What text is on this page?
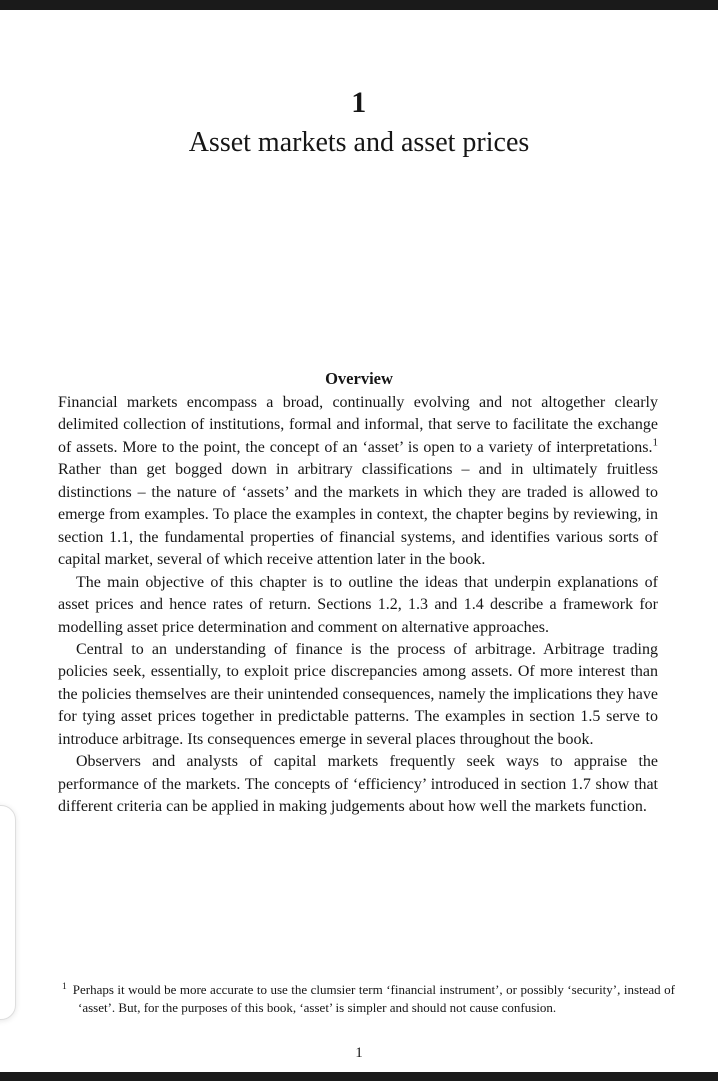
1
Asset markets and asset prices
Overview

Financial markets encompass a broad, continually evolving and not altogether clearly delimited collection of institutions, formal and informal, that serve to facilitate the exchange of assets. More to the point, the concept of an ‘asset’ is open to a variety of interpretations.$^1$ Rather than get bogged down in arbitrary classifications – and in ultimately fruitless distinctions – the nature of ‘assets’ and the markets in which they are traded is allowed to emerge from examples. To place the examples in context, the chapter begins by reviewing, in section 1.1, the fundamental properties of financial systems, and identifies various sorts of capital market, several of which receive attention later in the book.

The main objective of this chapter is to outline the ideas that underpin explanations of asset prices and hence rates of return. Sections 1.2, 1.3 and 1.4 describe a framework for modelling asset price determination and comment on alternative approaches.

Central to an understanding of finance is the process of arbitrage. Arbitrage trading policies seek, essentially, to exploit price discrepancies among assets. Of more interest than the policies themselves are their unintended consequences, namely the implications they have for tying asset prices together in predictable patterns. The examples in section 1.5 serve to introduce arbitrage. Its consequences emerge in several places throughout the book.

Observers and analysts of capital markets frequently seek ways to appraise the performance of the markets. The concepts of ‘efficiency’ introduced in section 1.7 show that different criteria can be applied in making judgements about how well the markets function.

$^1$ Perhaps it would be more accurate to use the clumsier term ‘financial instrument’, or possibly ‘security’, instead of ‘asset’. But, for the purposes of this book, ‘asset’ is simpler and should not cause confusion.
1
